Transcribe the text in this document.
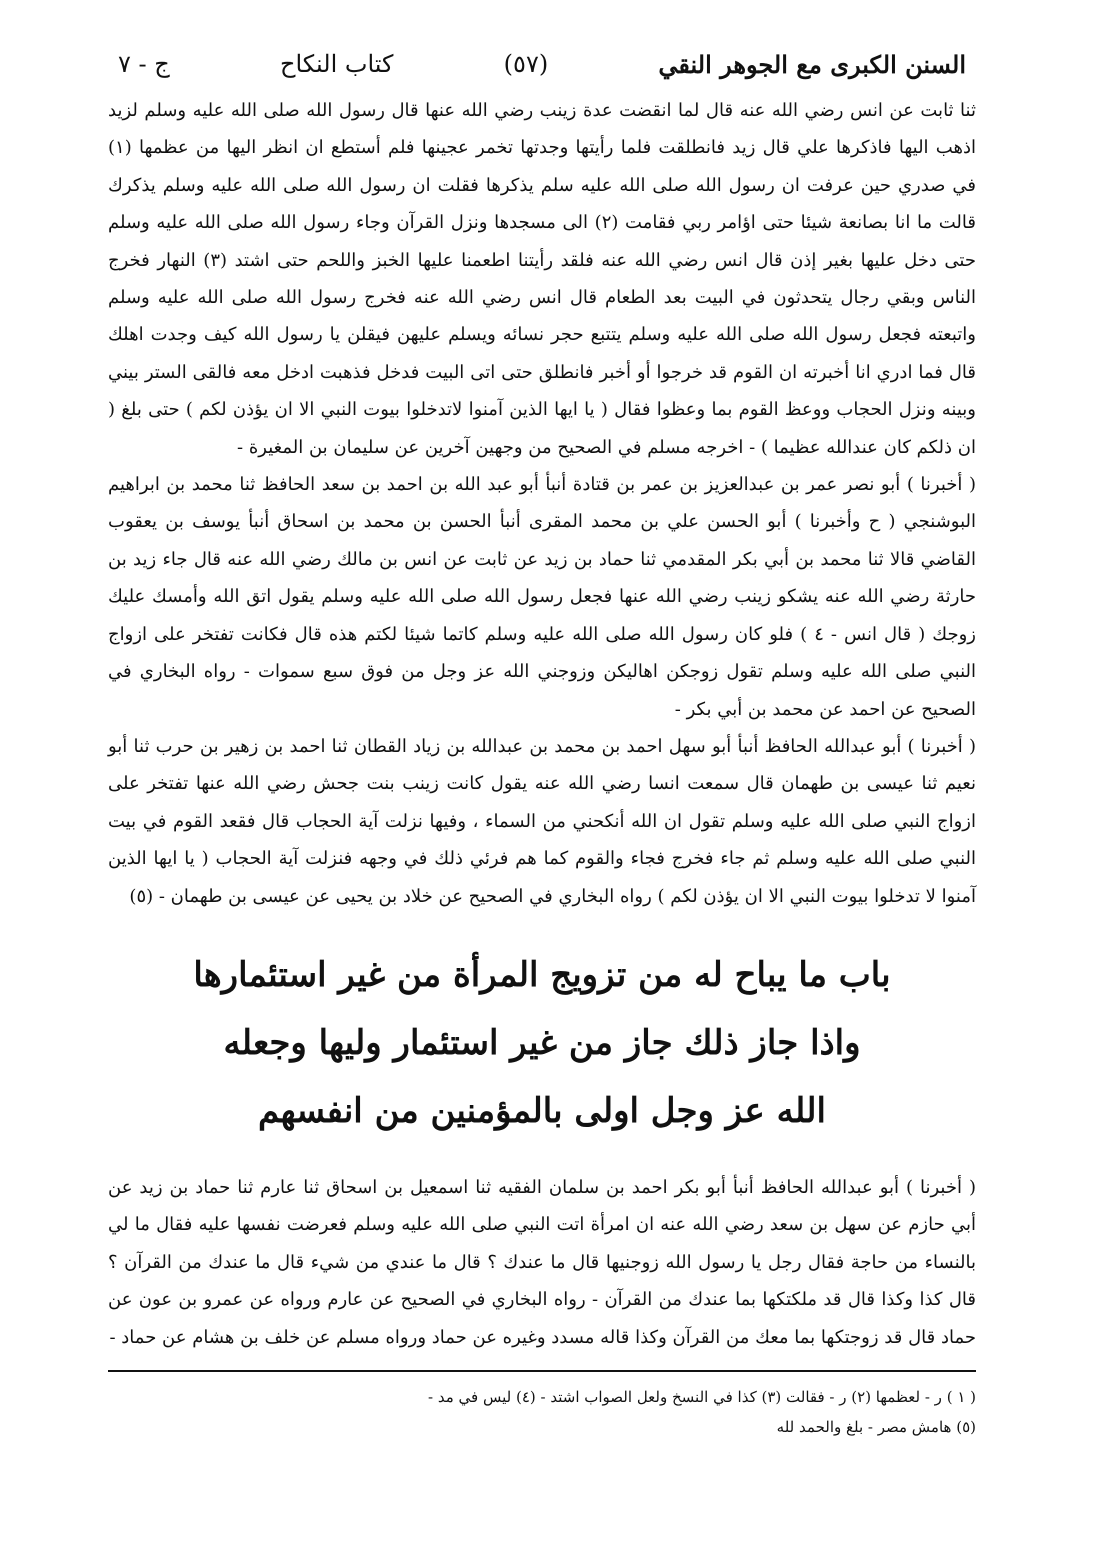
السنن الكبرى مع الجوهر النقي
(٥٧)
كتاب النكاح
ج - ٧

ثنا ثابت عن انس رضي الله عنه قال لما انقضت عدة زينب رضي الله عنها قال رسول الله صلى الله عليه وسلم لزيد اذهب اليها فاذكرها علي قال زيد فانطلقت فلما رأيتها وجدتها تخمر عجينها فلم أستطع ان انظر اليها من عظمها (١) في صدري حين عرفت ان رسول الله صلى الله عليه سلم يذكرها فقلت ان رسول الله صلى الله عليه وسلم يذكرك قالت ما انا بصانعة شيئا حتى اؤامر ربي فقامت (٢) الى مسجدها ونزل القرآن وجاء رسول الله صلى الله عليه وسلم حتى دخل عليها بغير إذن قال انس رضي الله عنه فلقد رأيتنا اطعمنا عليها الخبز واللحم حتى اشتد (٣) النهار فخرج الناس وبقي رجال يتحدثون في البيت بعد الطعام قال انس رضي الله عنه فخرج رسول الله صلى الله عليه وسلم واتبعته فجعل رسول الله صلى الله عليه وسلم يتتبع حجر نسائه ويسلم عليهن فيقلن يا رسول الله كيف وجدت اهلك قال فما ادري انا أخبرته ان القوم قد خرجوا أو أخبر فانطلق حتى اتى البيت فدخل فذهبت ادخل معه فالقى الستر بيني وبينه ونزل الحجاب ووعظ القوم بما وعظوا فقال ( يا ايها الذين آمنوا لاتدخلوا بيوت النبي الا ان يؤذن لكم ) حتى بلغ ( ان ذلكم كان عندالله عظيما ) - اخرجه مسلم في الصحيح من وجهين آخرين عن سليمان بن المغيرة -

( أخبرنا ) أبو نصر عمر بن عبدالعزيز بن عمر بن قتادة أنبأ أبو عبد الله بن احمد بن سعد الحافظ ثنا محمد بن ابراهيم البوشنجي ( ح وأخبرنا ) أبو الحسن علي بن محمد المقرى أنبأ الحسن بن محمد بن اسحاق أنبأ يوسف بن يعقوب القاضي قالا ثنا محمد بن أبي بكر المقدمي ثنا حماد بن زيد عن ثابت عن انس بن مالك رضي الله عنه قال جاء زيد بن حارثة رضي الله عنه يشكو زينب رضي الله عنها فجعل رسول الله صلى الله عليه وسلم يقول اتق الله وأمسك عليك زوجك ( قال انس - ٤ ) فلو كان رسول الله صلى الله عليه وسلم كاتما شيئا لكتم هذه قال فكانت تفتخر على ازواج النبي صلى الله عليه وسلم تقول زوجكن اهاليكن وزوجني الله عز وجل من فوق سبع سموات - رواه البخاري في الصحيح عن احمد عن محمد بن أبي بكر -

( أخبرنا ) أبو عبدالله الحافظ أنبأ أبو سهل احمد بن محمد بن عبدالله بن زياد القطان ثنا احمد بن زهير بن حرب ثنا أبو نعيم ثنا عيسى بن طهمان قال سمعت انسا رضي الله عنه يقول كانت زينب بنت جحش رضي الله عنها تفتخر على ازواج النبي صلى الله عليه وسلم تقول ان الله أنكحني من السماء ، وفيها نزلت آية الحجاب قال فقعد القوم في بيت النبي صلى الله عليه وسلم ثم جاء فخرج فجاء والقوم كما هم فرئي ذلك في وجهه فنزلت آية الحجاب ( يا ايها الذين آمنوا لا تدخلوا بيوت النبي الا ان يؤذن لكم ) رواه البخاري في الصحيح عن خلاد بن يحيى عن عيسى بن طهمان - (٥)

باب ما يباح له من تزويج المرأة من غير استئمارها
واذا جاز ذلك جاز من غير استئمار وليها وجعله
الله عز وجل اولى بالمؤمنين من انفسهم

( أخبرنا ) أبو عبدالله الحافظ أنبأ أبو بكر احمد بن سلمان الفقيه ثنا اسمعيل بن اسحاق ثنا عارم ثنا حماد بن زيد عن أبي حازم عن سهل بن سعد رضي الله عنه ان امرأة اتت النبي صلى الله عليه وسلم فعرضت نفسها عليه فقال ما لي بالنساء من حاجة فقال رجل يا رسول الله زوجنيها قال ما عندك ؟ قال ما عندي من شيء قال ما عندك من القرآن ؟ قال كذا وكذا قال قد ملكتكها بما عندك من القرآن - رواه البخاري في الصحيح عن عارم ورواه عن عمرو بن عون عن حماد قال قد زوجتكها بما معك من القرآن وكذا قاله مسدد وغيره عن حماد ورواه مسلم عن خلف بن هشام عن حماد -

( ١ ) ر - لعظمها (٢) ر - فقالت (٣) كذا في النسخ ولعل الصواب اشتد - (٤) ليس في مد -

(٥) هامش مصر - بلغ والحمد لله
